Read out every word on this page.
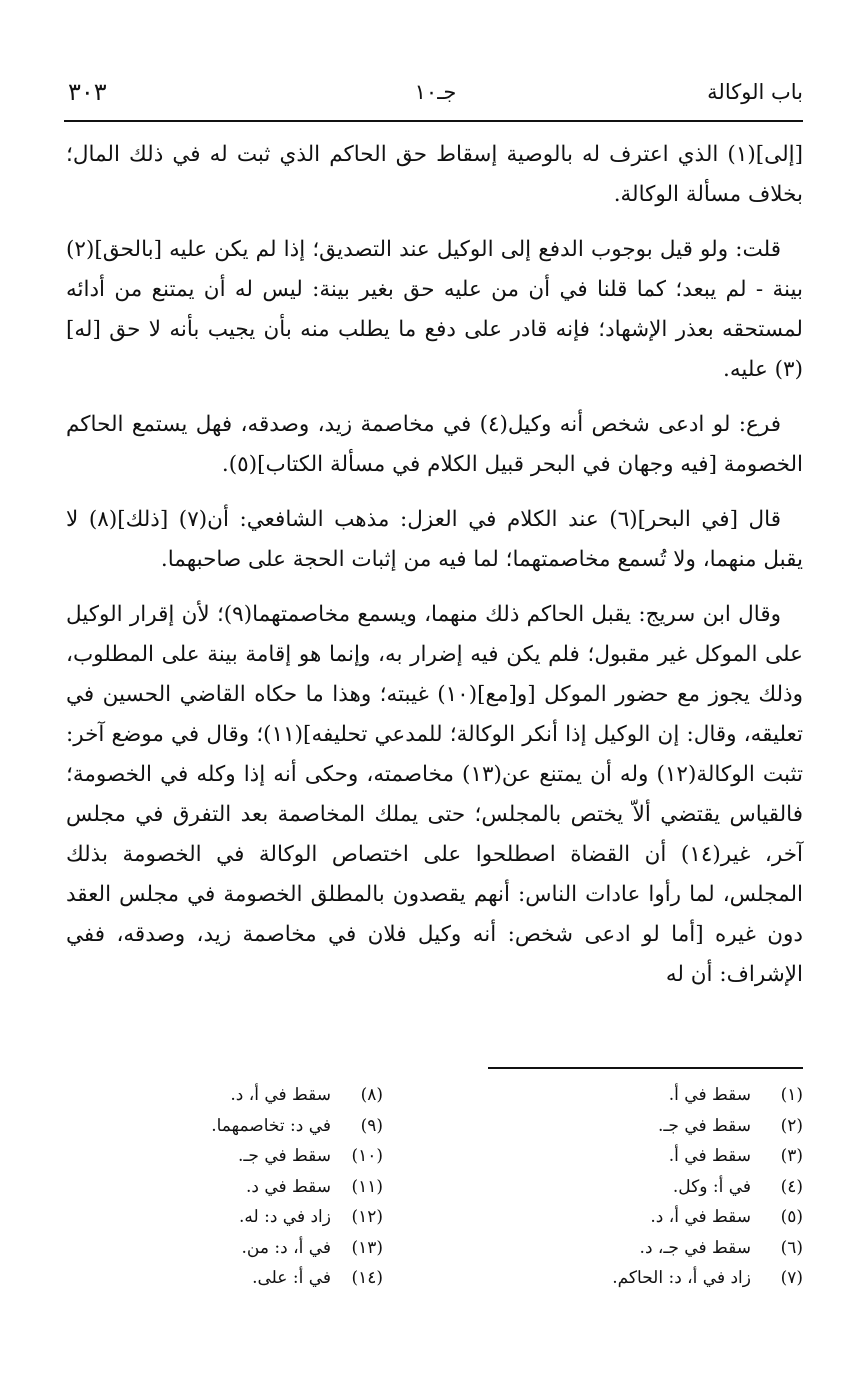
باب الوكالة
جـ١٠
٣٠٣

[إلى](١) الذي اعترف له بالوصية إسقاط حق الحاكم الذي ثبت له في ذلك المال؛ بخلاف مسألة الوكالة.

قلت: ولو قيل بوجوب الدفع إلى الوكيل عند التصديق؛ إذا لم يكن عليه [بالحق](٢) بينة - لم يبعد؛ كما قلنا في أن من عليه حق بغير بينة: ليس له أن يمتنع من أدائه لمستحقه بعذر الإشهاد؛ فإنه قادر على دفع ما يطلب منه بأن يجيب بأنه لا حق [له](٣) عليه.

فرع: لو ادعى شخص أنه وكيل(٤) في مخاصمة زيد، وصدقه، فهل يستمع الحاكم الخصومة [فيه وجهان في البحر قبيل الكلام في مسألة الكتاب](٥).

قال [في البحر](٦) عند الكلام في العزل: مذهب الشافعي: أن(٧) [ذلك](٨) لا يقبل منهما، ولا تُسمع مخاصمتهما؛ لما فيه من إثبات الحجة على صاحبهما.

وقال ابن سريج: يقبل الحاكم ذلك منهما، ويسمع مخاصمتهما(٩)؛ لأن إقرار الوكيل على الموكل غير مقبول؛ فلم يكن فيه إضرار به، وإنما هو إقامة بينة على المطلوب، وذلك يجوز مع حضور الموكل [و[مع](١٠) غيبته؛ وهذا ما حكاه القاضي الحسين في تعليقه، وقال: إن الوكيل إذا أنكر الوكالة؛ للمدعي تحليفه](١١)؛ وقال في موضع آخر: تثبت الوكالة(١٢) وله أن يمتنع عن(١٣) مخاصمته، وحكى أنه إذا وكله في الخصومة؛ فالقياس يقتضي ألاّ يختص بالمجلس؛ حتى يملك المخاصمة بعد التفرق في مجلس آخر، غير(١٤) أن القضاة اصطلحوا على اختصاص الوكالة في الخصومة بذلك المجلس، لما رأوا عادات الناس: أنهم يقصدون بالمطلق الخصومة في مجلس العقد دون غيره [أما لو ادعى شخص: أنه وكيل فلان في مخاصمة زيد، وصدقه، ففي الإشراف: أن له

(١)سقط في أ.
(٢)سقط في جـ.
(٣)سقط في أ.
(٤)في أ: وكل.
(٥)سقط في أ، د.
(٦)سقط في جـ، د.
(٧)زاد في أ، د: الحاكم.
(٨)سقط في أ، د.
(٩)في د: تخاصمهما.
(١٠)سقط في جـ.
(١١)سقط في د.
(١٢)زاد في د: له.
(١٣)في أ، د: من.
(١٤)في أ: على.
